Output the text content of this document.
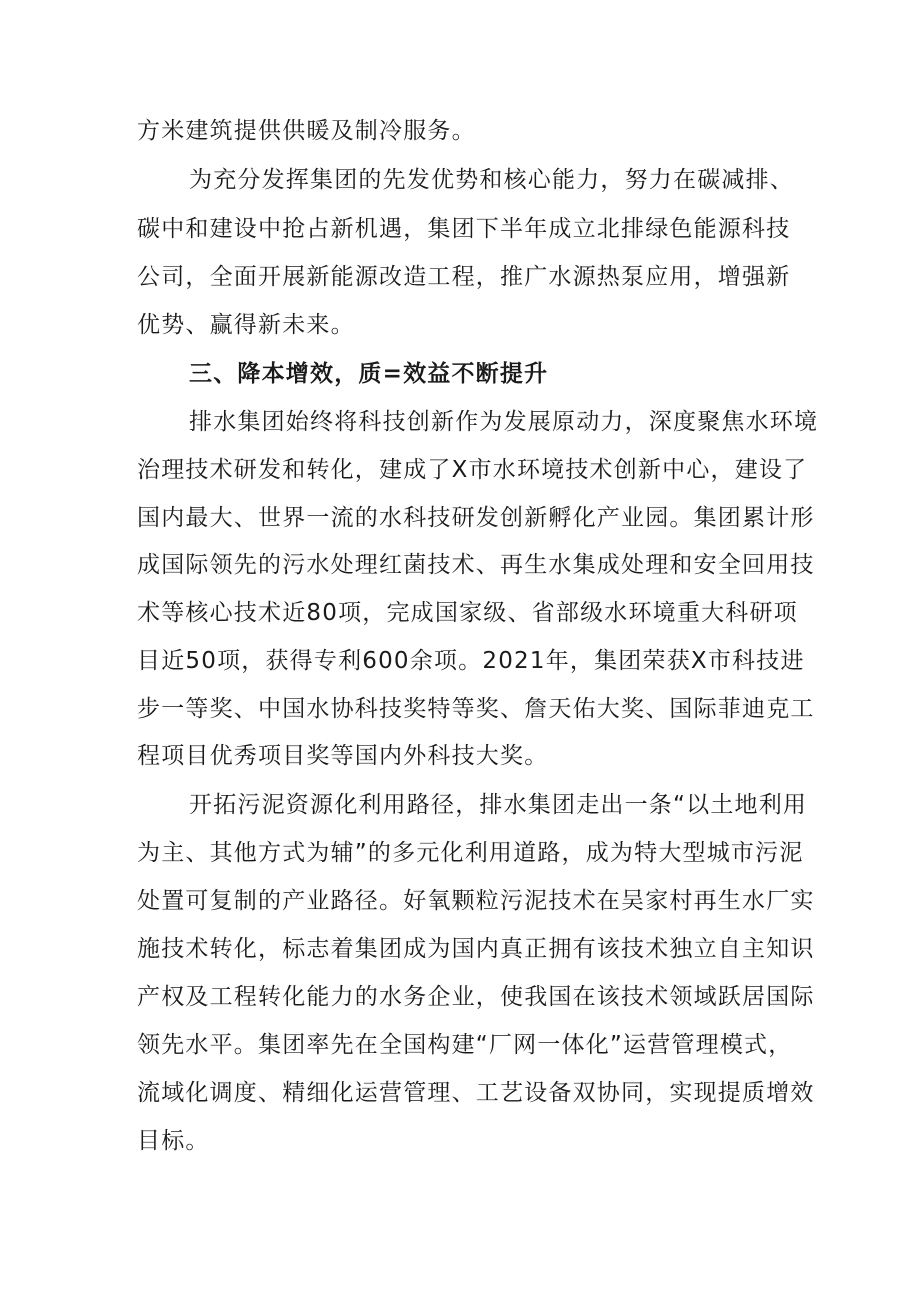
方米建筑提供供暖及制冷服务。
为充分发挥集团的先发优势和核心能力，努力在碳减排、
碳中和建设中抢占新机遇，集团下半年成立北排绿色能源科技
公司，全面开展新能源改造工程，推广水源热泵应用，增强新
优势、赢得新未来。
三、降本增效，质=效益不断提升
排水集团始终将科技创新作为发展原动力，深度聚焦水环境
治理技术研发和转化，建成了X市水环境技术创新中心，建设了
国内最大、世界一流的水科技研发创新孵化产业园。集团累计形
成国际领先的污水处理红菌技术、再生水集成处理和安全回用技
术等核心技术近80项，完成国家级、省部级水环境重大科研项
目近50项，获得专利600余项。2021年，集团荣获X市科技进
步一等奖、中国水协科技奖特等奖、詹天佑大奖、国际菲迪克工
程项目优秀项目奖等国内外科技大奖。
开拓污泥资源化利用路径，排水集团走出一条“以土地利用
为主、其他方式为辅”的多元化利用道路，成为特大型城市污泥
处置可复制的产业路径。好氧颗粒污泥技术在吴家村再生水厂实
施技术转化，标志着集团成为国内真正拥有该技术独立自主知识
产权及工程转化能力的水务企业，使我国在该技术领域跃居国际
领先水平。集团率先在全国构建“厂网一体化”运营管理模式，
流域化调度、精细化运营管理、工艺设备双协同，实现提质增效
目标。
